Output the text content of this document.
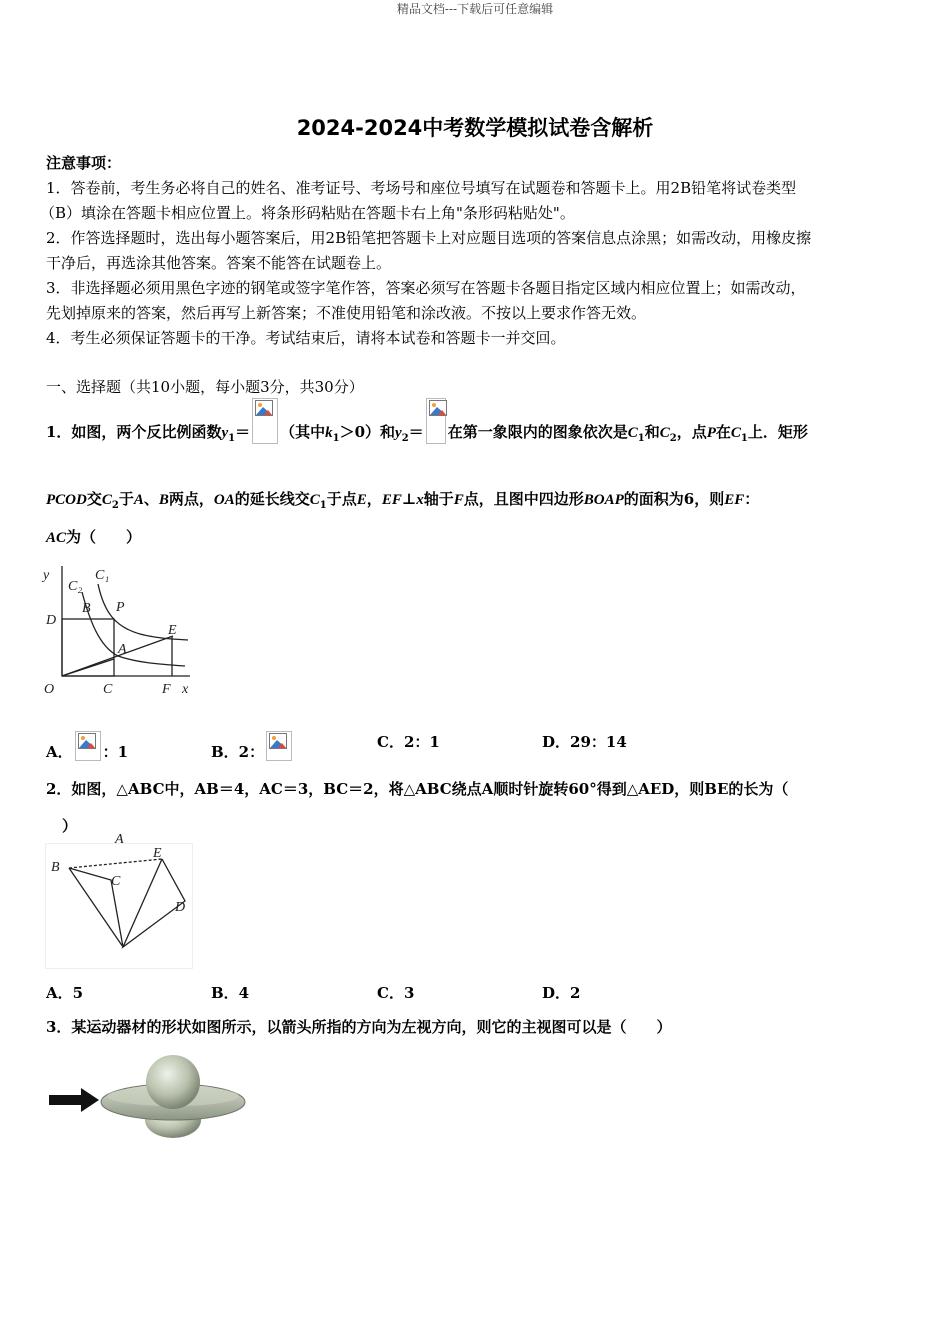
精品文档---下载后可任意编辑
2024-2024中考数学模拟试卷含解析
注意事项：
1．答卷前，考生务必将自己的姓名、准考证号、考场号和座位号填写在试题卷和答题卡上。用2B铅笔将试卷类型
（B）填涂在答题卡相应位置上。将条形码粘贴在答题卡右上角"条形码粘贴处"。
2．作答选择题时，选出每小题答案后，用2B铅笔把答题卡上对应题目选项的答案信息点涂黑；如需改动，用橡皮擦
干净后，再选涂其他答案。答案不能答在试题卷上。
3．非选择题必须用黑色字迹的钢笔或签字笔作答，答案必须写在答题卡各题目指定区域内相应位置上；如需改动，
先划掉原来的答案，然后再写上新答案；不准使用铅笔和涂改液。不按以上要求作答无效。
4．考生必须保证答题卡的干净。考试结束后，请将本试卷和答题卡一并交回。
一、选择题（共10小题，每小题3分，共30分）
1．如图，两个反比例函数$y_1=$ （其中$k_1>0$）和$y_2=$ 在第一象限内的图象依次是$C_1$和$C_2$，点P在$C_1$上．矩形
PCOD交$C_2$于A、B两点，OA的延长线交$C_1$于点E，EF⊥x轴于F点，且图中四边形BOAP的面积为6，则EF：
AC为（　　）
y
C₂
C₁
B P
D
E
A
O	C	F x
A． ：1	B．2：
C．2：1	D．29：14
2．如图，△ABC中，AB＝4，AC＝3，BC＝2，将△ABC绕点A顺时针旋转60°得到△AED，则BE的长为（
）
B
E
C
D
A
A．5	B．4	C．3	D．2
3．某运动器材的形状如图所示，以箭头所指的方向为左视方向，则它的主视图可以是（　　）
